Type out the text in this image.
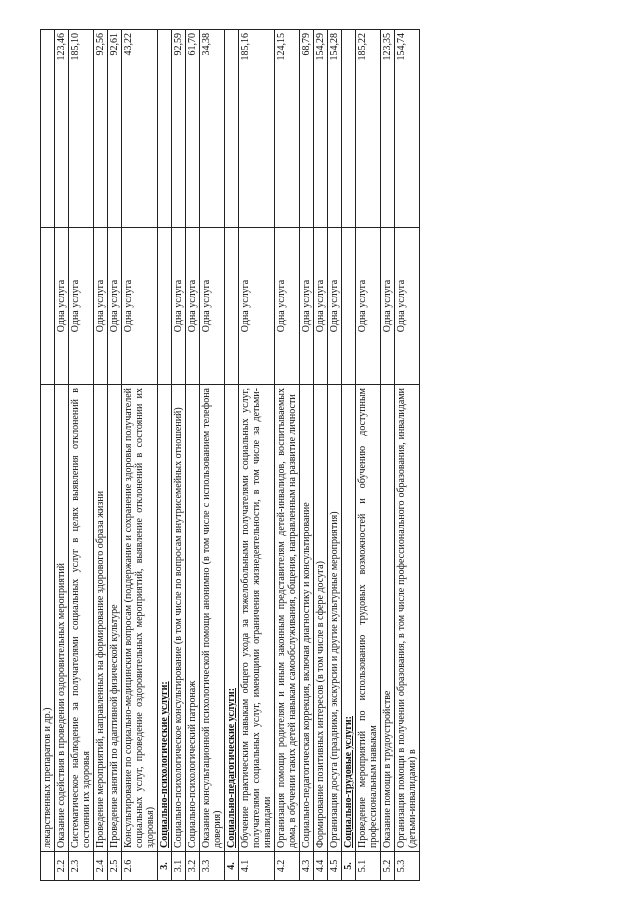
	лекарственных препаратов и др.)		
2.2	Оказание содействия в проведении оздоровительных мероприятий	Одна услуга	123,46
2.3	Систематическое наблюдение за получателями социальных услуг в целях выявления отклонений в состоянии их здоровья	Одна услуга	185,10
2.4	Проведение мероприятий, направленных на формирование здорового образа жизни	Одна услуга	92,56
2.5	Проведение занятий по адаптивной физической культуре	Одна услуга	92,61
2.6	Консультирование по социально-медицинским вопросам (поддержание и сохранение здоровья получателей социальных услуг, проведение оздоровительных мероприятий, выявление отклонений в состоянии их здоровья)	Одна услуга	43,22
3.	Социально-психологические услуги:		
3.1	Социально-психологическое консультирование (в том числе по вопросам внутрисемейных отношений)	Одна услуга	92,59
3.2	Социально-психологический патронаж	Одна услуга	61,70
3.3	Оказание консультационной психологической помощи анонимно (в том числе с использованием телефона доверия)	Одна услуга	34,38
4.	Социально-педагогические услуги:		
4.1	Обучение практическим навыкам общего ухода за тяжелобольными получателями социальных услуг, получателями социальных услуг, имеющими ограничения жизнедеятельности, в том числе за детьми-инвалидами	Одна услуга	185,16
4.2	Организация помощи родителям и иным законным представителям детей-инвалидов, воспитываемых дома, в обучении таких детей навыкам самообслуживания, общения, направленным на развитие личности	Одна услуга	124,15
4.3	Социально-педагогическая коррекция, включая диагностику и консультирование	Одна услуга	68,79
4.4	Формирование позитивных интересов (в том числе в сфере досуга)	Одна услуга	154,29
4.5	Организация досуга (праздники, экскурсии и другие культурные мероприятия)	Одна услуга	154,28
5.	Социально-трудовые услуги:		
5.1	Проведение мероприятий по использованию трудовых возможностей и обучению доступным профессиональным навыкам	Одна услуга	185,22
5.2	Оказание помощи в трудоустройстве	Одна услуга	123,35
5.3	Организация помощи в получении образования, в том числе профессионального образования, инвалидами (детьми-инвалидами) в	Одна услуга	154,74
